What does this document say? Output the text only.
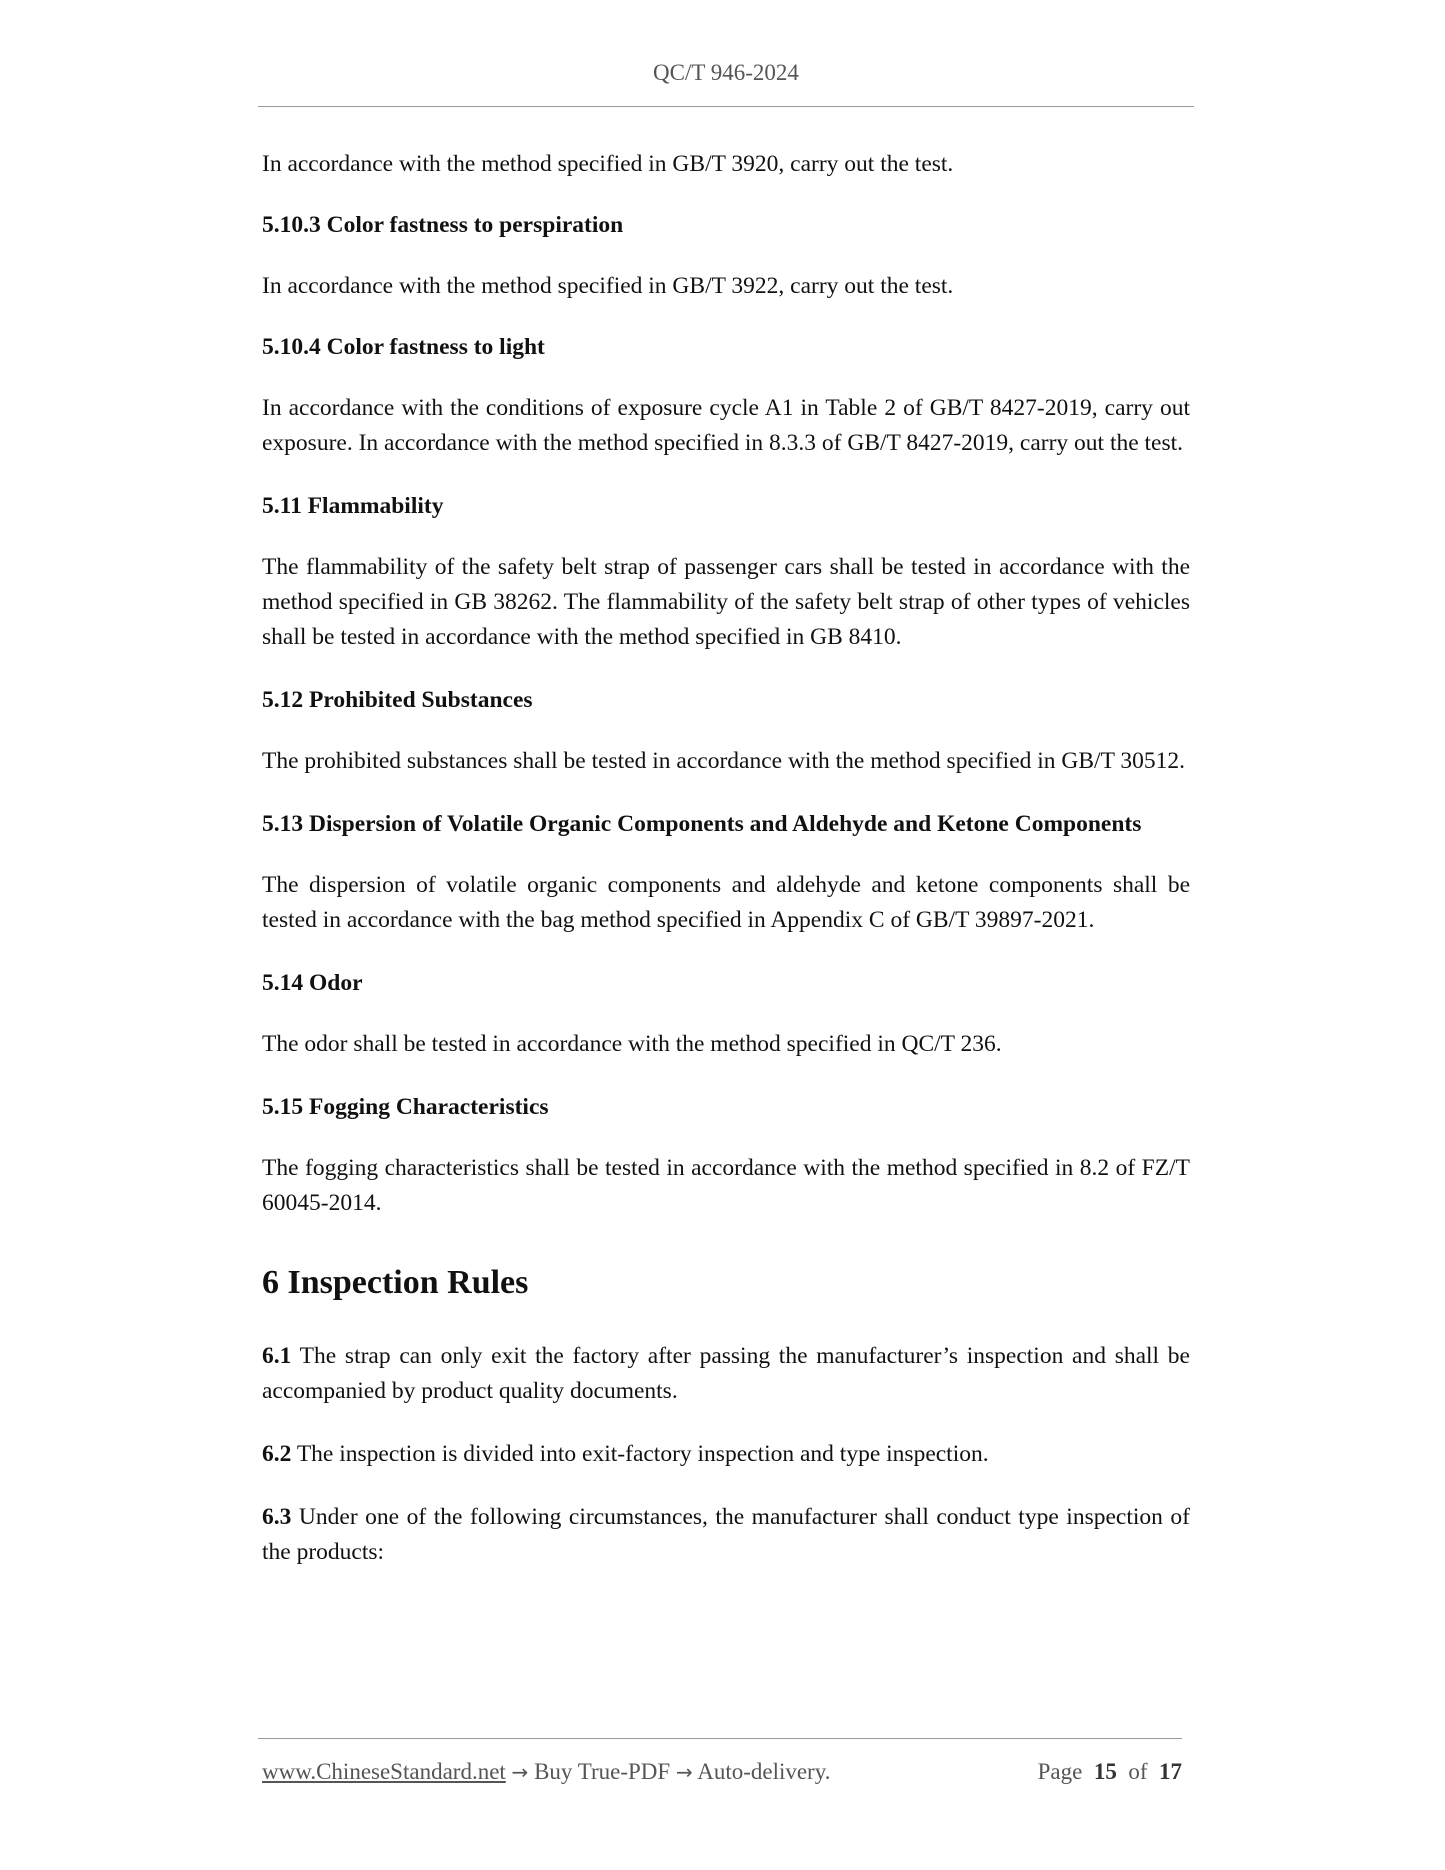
QC/T 946-2024

In accordance with the method specified in GB/T 3920, carry out the test.

5.10.3 Color fastness to perspiration

In accordance with the method specified in GB/T 3922, carry out the test.

5.10.4 Color fastness to light

In accordance with the conditions of exposure cycle A1 in Table 2 of GB/T 8427-2019, carry out exposure. In accordance with the method specified in 8.3.3 of GB/T 8427-2019, carry out the test.

5.11 Flammability

The flammability of the safety belt strap of passenger cars shall be tested in accordance with the method specified in GB 38262. The flammability of the safety belt strap of other types of vehicles shall be tested in accordance with the method specified in GB 8410.

5.12 Prohibited Substances

The prohibited substances shall be tested in accordance with the method specified in GB/T 30512.

5.13 Dispersion of Volatile Organic Components and Aldehyde and Ketone Components

The dispersion of volatile organic components and aldehyde and ketone components shall be tested in accordance with the bag method specified in Appendix C of GB/T 39897-2021.

5.14 Odor

The odor shall be tested in accordance with the method specified in QC/T 236.

5.15 Fogging Characteristics

The fogging characteristics shall be tested in accordance with the method specified in 8.2 of FZ/T 60045-2014.

6 Inspection Rules

6.1 The strap can only exit the factory after passing the manufacturer’s inspection and shall be accompanied by product quality documents.

6.2 The inspection is divided into exit-factory inspection and type inspection.

6.3 Under one of the following circumstances, the manufacturer shall conduct type inspection of the products:

www.ChineseStandard.net → Buy True-PDF → Auto-delivery.	Page 15 of 17
